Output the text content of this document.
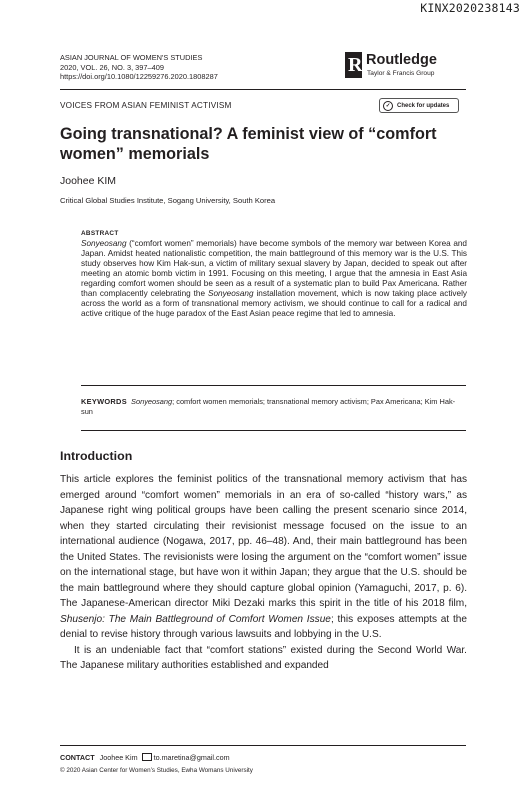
KINX2020238143
ASIAN JOURNAL OF WOMEN'S STUDIES
2020, VOL. 26, NO. 3, 397–409
https://doi.org/10.1080/12259276.2020.1808287
R Routledge
Taylor & Francis Group
VOICES FROM ASIAN FEMINIST ACTIVISM	✓	Check for updates
Going transnational? A feminist view of “comfort women” memorials
Joohee KIM
Critical Global Studies Institute, Sogang University, South Korea
ABSTRACT
Sonyeosang (“comfort women” memorials) have become symbols of the memory war between Korea and Japan. Amidst heated nationalistic competition, the main battleground of this memory war is the U.S. This study observes how Kim Hak-sun, a victim of military sexual slavery by Japan, decided to speak out after meeting an atomic bomb victim in 1991. Focusing on this meeting, I argue that the amnesia in East Asia regarding comfort women should be seen as a result of a systematic plan to build Pax Americana. Rather than complacently celebrating the Sonyeosang installation movement, which is now taking place actively across the world as a form of transnational memory activism, we should continue to call for a radical and active critique of the huge paradox of the East Asian peace regime that led to amnesia.
KEYWORDS Sonyeosang; comfort women memorials; transnational memory activism; Pax Americana; Kim Hak-sun
Introduction

This article explores the feminist politics of the transnational memory activism that has emerged around “comfort women” memorials in an era of so-called “history wars,” as Japanese right wing political groups have been calling the present scenario since 2014, when they started circulating their revisionist message focused on the issue to an international audience (Nogawa, 2017, pp. 46–48). And, their main battleground has been the United States. The revisionists were losing the argument on the “comfort women” issue on the international stage, but have won it within Japan; they argue that the U.S. should be the main battleground where they should capture global opinion (Yamaguchi, 2017, p. 6). The Japanese-American director Miki Dezaki marks this spirit in the title of his 2018 film, Shusenjo: The Main Battleground of Comfort Women Issue; this exposes attempts at the denial to revise history through various lawsuits and lobbying in the U.S.

It is an undeniable fact that “comfort stations” existed during the Second World War. The Japanese military authorities established and expanded

CONTACT Joohee Kim to.maretina@gmail.com
© 2020 Asian Center for Women’s Studies, Ewha Womans University
